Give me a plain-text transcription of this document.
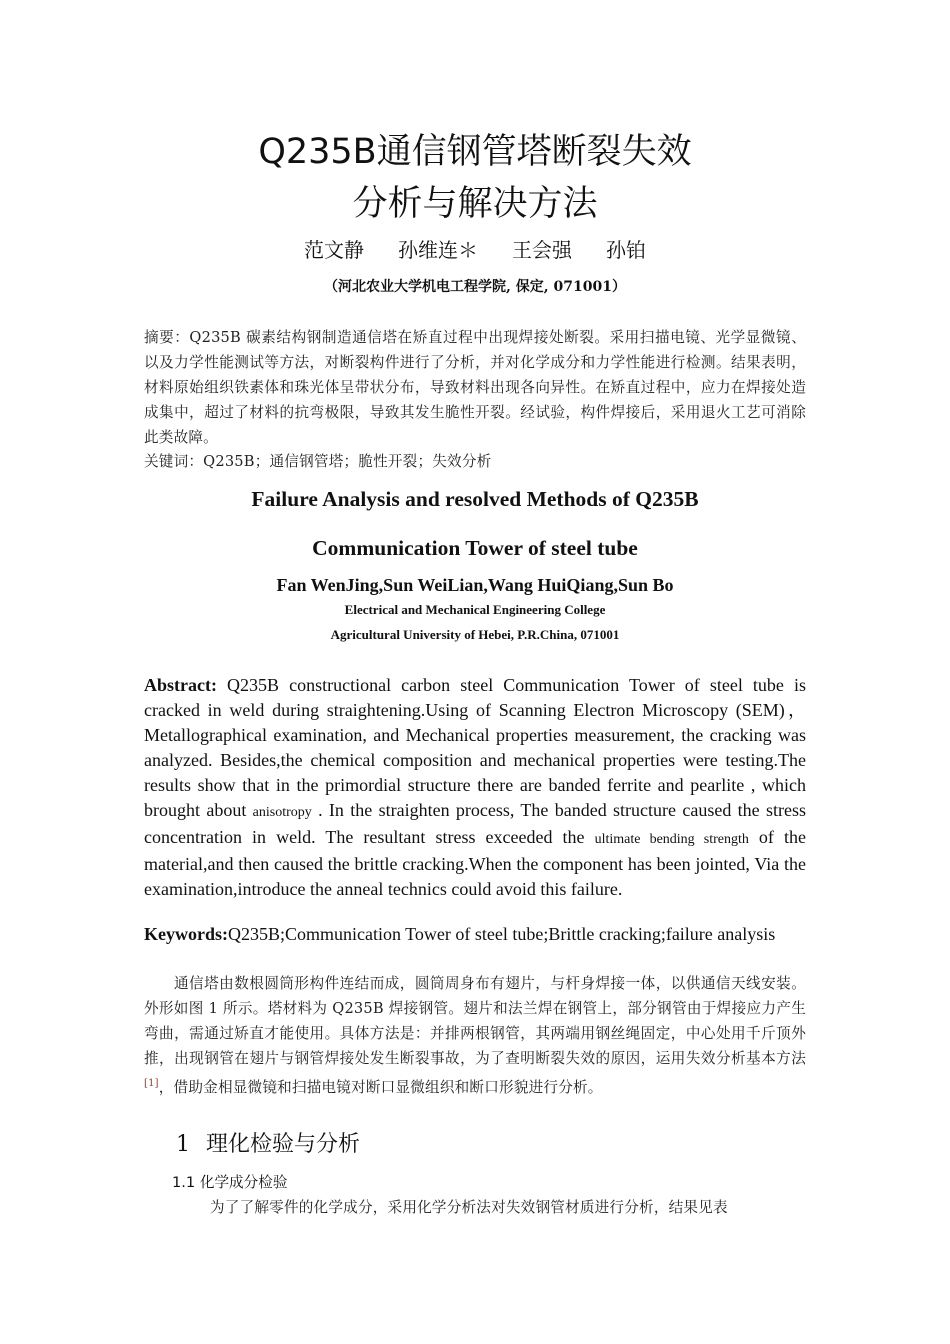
Q235B通信钢管塔断裂失效
分析与解决方法
范文静 孙维连＊ 王会强 孙铂
（河北农业大学机电工程学院, 保定, 071001）
摘要：Q235B 碳素结构钢制造通信塔在矫直过程中出现焊接处断裂。采用扫描电镜、光学显微镜、以及力学性能测试等方法，对断裂构件进行了分析，并对化学成分和力学性能进行检测。结果表明，材料原始组织铁素体和珠光体呈带状分布，导致材料出现各向异性。在矫直过程中，应力在焊接处造成集中，超过了材料的抗弯极限，导致其发生脆性开裂。经试验，构件焊接后，采用退火工艺可消除此类故障。
关键词：Q235B；通信钢管塔；脆性开裂；失效分析
Failure Analysis and resolved Methods of Q235B
Communication Tower of steel tube
Fan WenJing,Sun WeiLian,Wang HuiQiang,Sun Bo
Electrical and Mechanical Engineering College
Agricultural University of Hebei, P.R.China, 071001
Abstract: Q235B constructional carbon steel Communication Tower of steel tube is cracked in weld during straightening.Using of Scanning Electron Microscopy (SEM)，Metallographical examination, and Mechanical properties measurement, the cracking was analyzed. Besides,the chemical composition and mechanical properties were testing.The results show that in the primordial structure there are banded ferrite and pearlite , which brought about anisotropy . In the straighten process, The banded structure caused the stress concentration in weld. The resultant stress exceeded the ultimate bending strength of the material,and then caused the brittle cracking.When the component has been jointed, Via the examination,introduce the anneal technics could avoid this failure.
Keywords:Q235B;Communication Tower of steel tube;Brittle cracking;failure analysis
通信塔由数根圆筒形构件连结而成，圆筒周身布有翅片，与杆身焊接一体，以供通信天线安装。外形如图 1 所示。塔材料为 Q235B 焊接钢管。翅片和法兰焊在钢管上，部分钢管由于焊接应力产生弯曲，需通过矫直才能使用。具体方法是：并排两根钢管，其两端用钢丝绳固定，中心处用千斤顶外推，出现钢管在翅片与钢管焊接处发生断裂事故，为了查明断裂失效的原因，运用失效分析基本方法[1]，借助金相显微镜和扫描电镜对断口显微组织和断口形貌进行分析。
1 理化检验与分析
1.1 化学成分检验
为了了解零件的化学成分，采用化学分析法对失效钢管材质进行分析，结果见表
